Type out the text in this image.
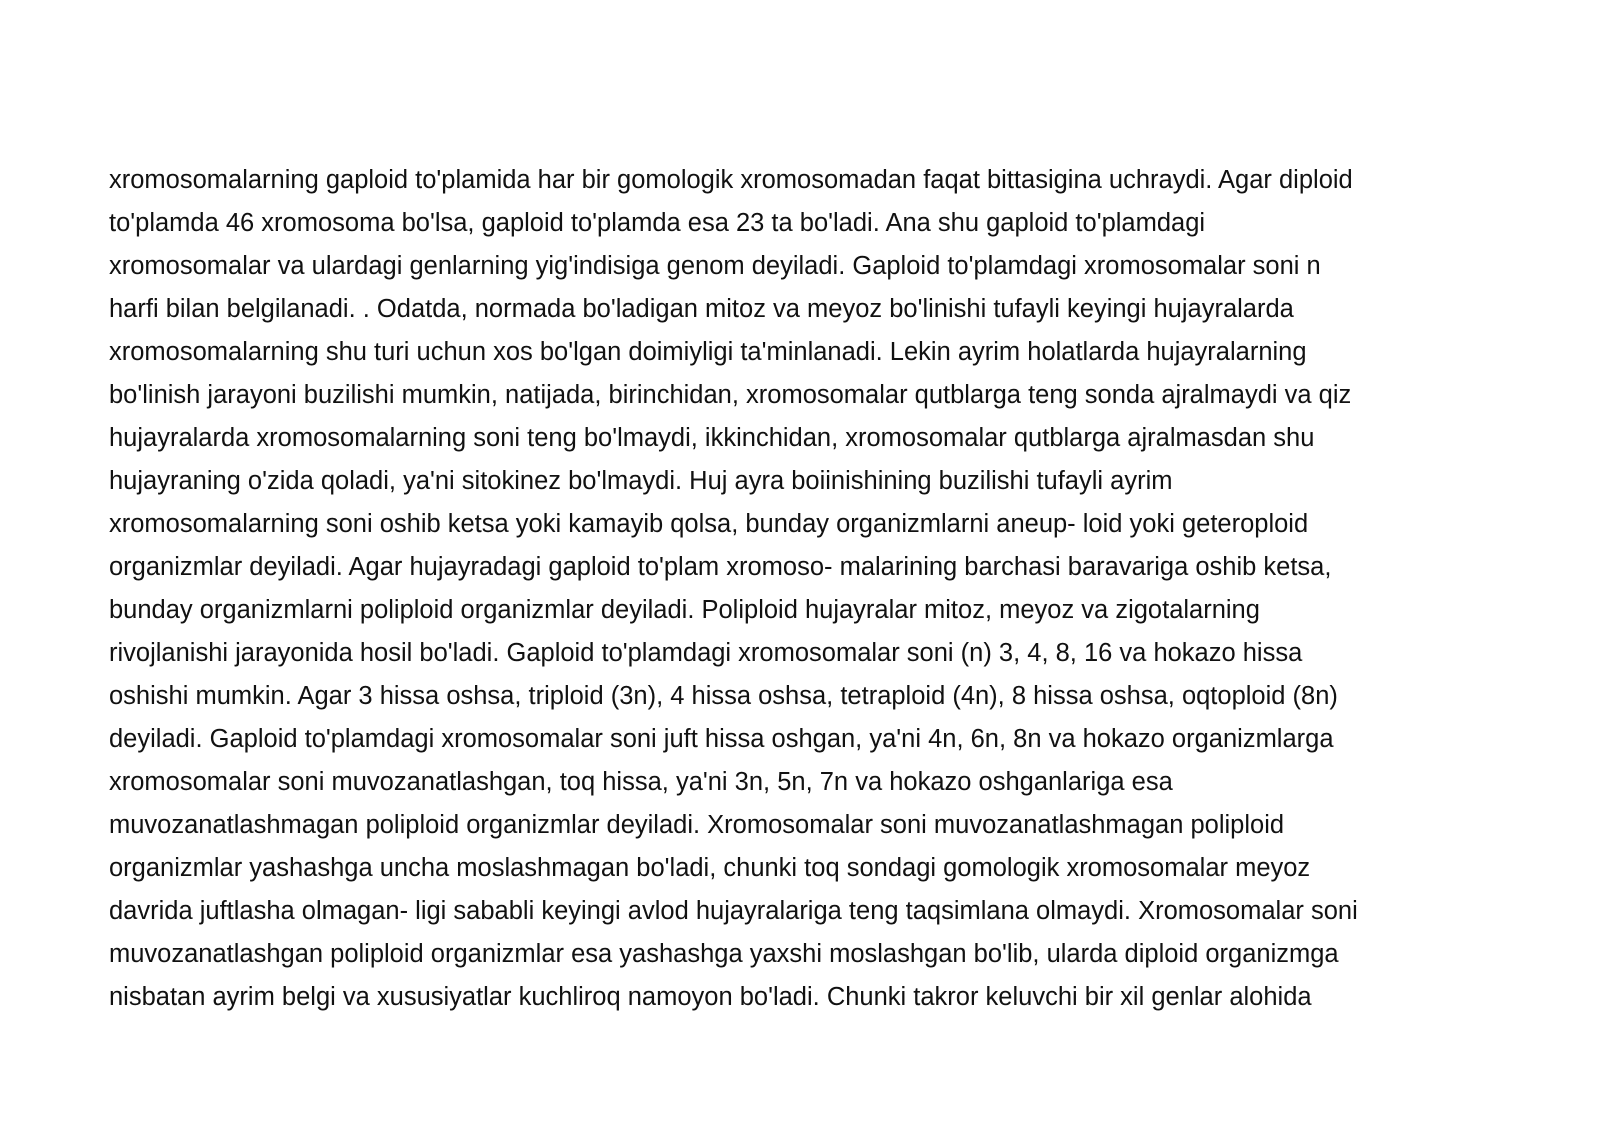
xromosomalarning gaploid to'plamida har bir gomologik xromosomadan faqat bittasigina uchraydi. Agar diploid
to'plamda 46 xromosoma bo'lsa, gaploid to'plamda esa 23 ta bo'ladi. Ana shu gaploid to'plamdagi
xromosomalar va ulardagi genlarning yig'indisiga genom deyiladi. Gaploid to'plamdagi xromosomalar soni n
harfi bilan belgilanadi. . Odatda, normada bo'ladigan mitoz va meyoz bo'linishi tufayli keyingi hujayralarda
xromosomalarning shu turi uchun xos bo'lgan doimiyligi ta'minlanadi. Lekin ayrim holatlarda hujayralarning
bo'linish jarayoni buzilishi mumkin, natijada, birinchidan, xromosomalar qutblarga teng sonda ajralmaydi va qiz
hujayralarda xromosomalarning soni teng bo'lmaydi, ikkinchidan, xromosomalar qutblarga ajralmasdan shu
hujayraning o'zida qoladi, ya'ni sitokinez bo'lmaydi. Huj ayra boiinishining buzilishi tufayli ayrim
xromosomalarning soni oshib ketsa yoki kamayib qolsa, bunday organizmlarni aneup- loid yoki geteroploid
organizmlar deyiladi. Agar hujayradagi gaploid to'plam xromoso- malarining barchasi baravariga oshib ketsa,
bunday organizmlarni poliploid organizmlar deyiladi. Poliploid hujayralar mitoz, meyoz va zigotalarning
rivojlanishi jarayonida hosil bo'ladi. Gaploid to'plamdagi xromosomalar soni (n) 3, 4, 8, 16 va hokazo hissa
oshishi mumkin. Agar 3 hissa oshsa, triploid (3n), 4 hissa oshsa, tetraploid (4n), 8 hissa oshsa, oqtoploid (8n)
deyiladi. Gaploid to'plamdagi xromosomalar soni juft hissa oshgan, ya'ni 4n, 6n, 8n va hokazo organizmlarga
xromosomalar soni muvozanatlashgan, toq hissa, ya'ni 3n, 5n, 7n va hokazo oshganlariga esa
muvozanatlashmagan poliploid organizmlar deyiladi. Xromosomalar soni muvozanatlashmagan poliploid
organizmlar yashashga uncha moslashmagan bo'ladi, chunki toq sondagi gomologik xromosomalar meyoz
davrida juftlasha olmagan- ligi sababli keyingi avlod hujayralariga teng taqsimlana olmaydi. Xromosomalar soni
muvozanatlashgan poliploid organizmlar esa yashashga yaxshi moslashgan bo'lib, ularda diploid organizmga
nisbatan ayrim belgi va xususiyatlar kuchliroq namoyon bo'ladi. Chunki takror keluvchi bir xil genlar alohida
